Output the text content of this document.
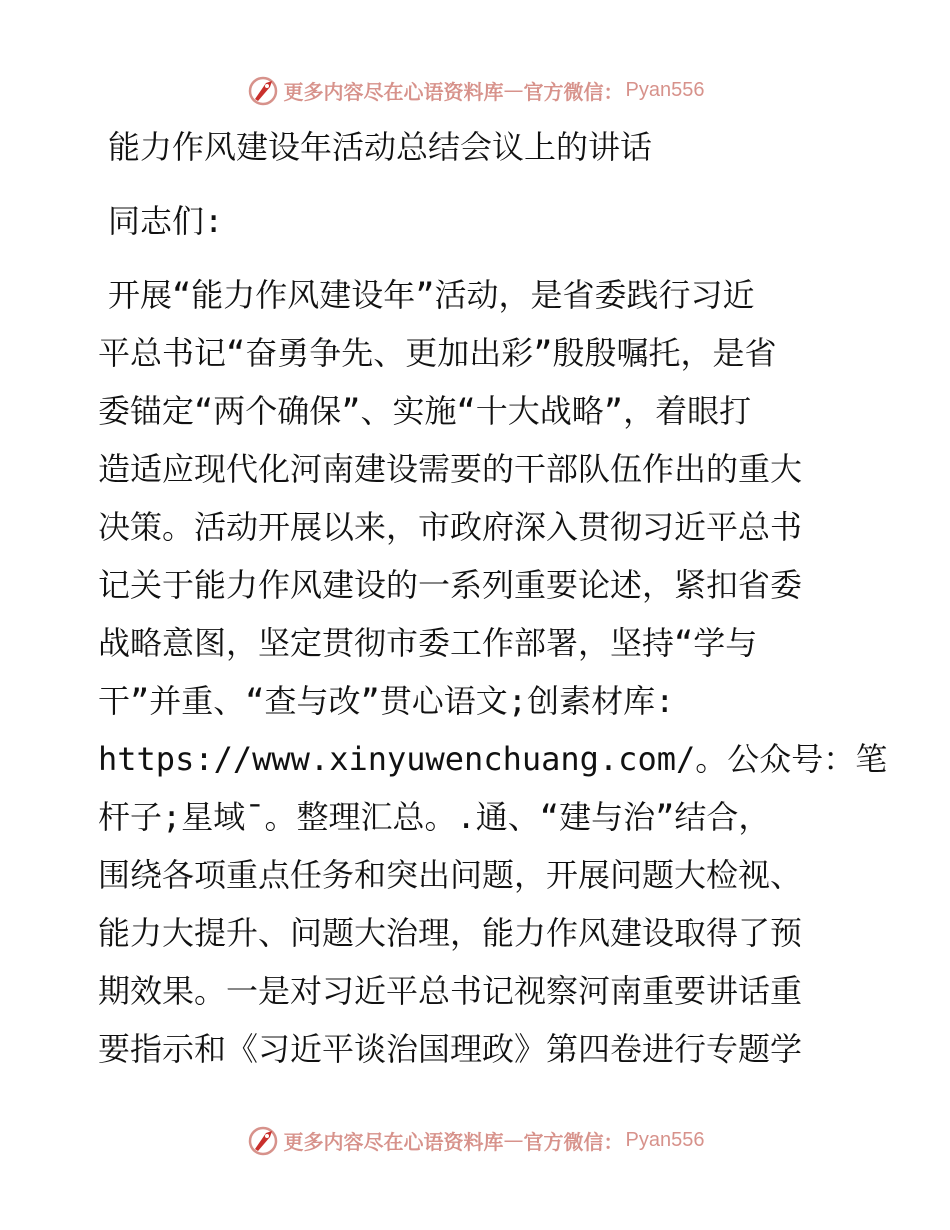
更多内容尽在心语资料库 — 官方微信： Pyan556
能力作风建设年活动总结会议上的讲话
同志们:
开展“能力作风建设年”活动，是省委践行习近
平总书记“奋勇争先、更加出彩”殷殷嘱托，是省
委锚定“两个确保”、实施“十大战略”，着眼打
造适应现代化河南建设需要的干部队伍作出的重大
决策。活动开展以来，市政府深入贯彻习近平总书
记关于能力作风建设的一系列重要论述，紧扣省委
战略意图，坚定贯彻市委工作部署，坚持“学与
干”并重、“查与改”贯心语文;创素材库:
https://www.xinyuwenchuang.com/。公众号：笔
杆子;星域¯。整理汇总。.通、“建与治”结合，
围绕各项重点任务和突出问题，开展问题大检视、
能力大提升、问题大治理，能力作风建设取得了预
期效果。一是对习近平总书记视察河南重要讲话重
要指示和《习近平谈治国理政》第四卷进行专题学
更多内容尽在心语资料库 — 官方微信： Pyan556
